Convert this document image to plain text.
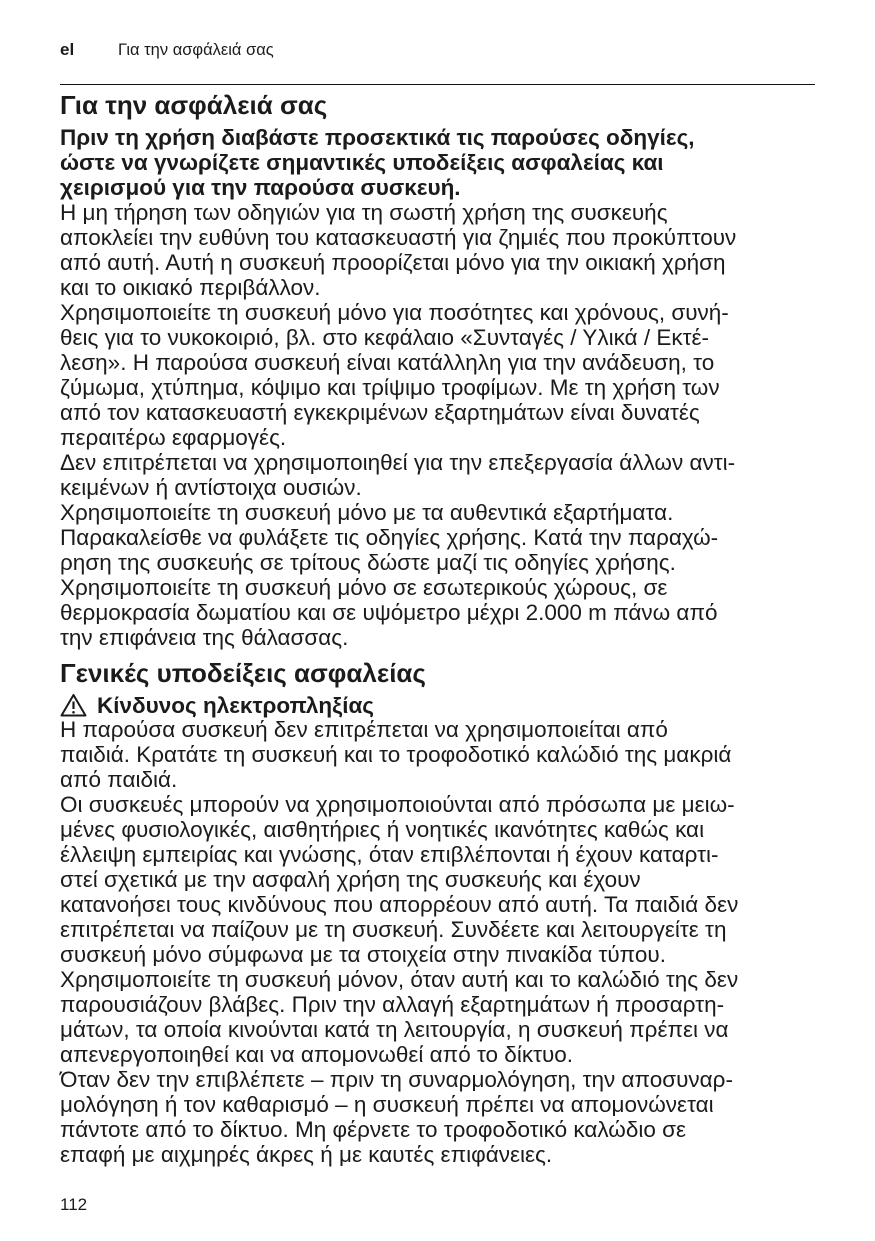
el	Για την ασφάλειά σας
Για την ασφάλειά σας
Πριν τη χρήση διαβάστε προσεκτικά τις παρούσες οδηγίες,
ώστε να γνωρίζετε σημαντικές υποδείξεις ασφαλείας και
χειρισμού για την παρούσα συσκευή.
Η μη τήρηση των οδηγιών για τη σωστή χρήση της συσκευής
αποκλείει την ευθύνη του κατασκευαστή για ζημιές που προκύπτουν
από αυτή. Αυτή η συσκευή προορίζεται μόνο για την οικιακή χρήση
και το οικιακό περιβάλλον.
Χρησιμοποιείτε τη συσκευή μόνο για ποσότητες και χρόνους, συνή-
θεις για το νυκοκοιριό, βλ. στο κεφάλαιο «Συνταγές / Υλικά / Εκτέ-
λεση». Η παρούσα συσκευή είναι κατάλληλη για την ανάδευση, το
ζύμωμα, χτύπημα, κόψιμο και τρίψιμο τροφίμων. Με τη χρήση των
από τον κατασκευαστή εγκεκριμένων εξαρτημάτων είναι δυνατές
περαιτέρω εφαρμογές.
Δεν επιτρέπεται να χρησιμοποιηθεί για την επεξεργασία άλλων αντι-
κειμένων ή αντίστοιχα ουσιών.
Χρησιμοποιείτε τη συσκευή μόνο με τα αυθεντικά εξαρτήματα.
Παρακαλείσθε να φυλάξετε τις οδηγίες χρήσης. Κατά την παραχώ-
ρηση της συσκευής σε τρίτους δώστε μαζί τις οδηγίες χρήσης.
Χρησιμοποιείτε τη συσκευή μόνο σε εσωτερικούς χώρους, σε
θερμοκρασία δωματίου και σε υψόμετρο μέχρι 2.000 m πάνω από
την επιφάνεια της θάλασσας.
Γενικές υποδείξεις ασφαλείας
Κίνδυνος ηλεκτροπληξίας
Η παρούσα συσκευή δεν επιτρέπεται να χρησιμοποιείται από
παιδιά. Κρατάτε τη συσκευή και το τροφοδοτικό καλώδιό της μακριά
από παιδιά.
Οι συσκευές μπορούν να χρησιμοποιούνται από πρόσωπα με μειω-
μένες φυσιολογικές, αισθητήριες ή νοητικές ικανότητες καθώς και
έλλειψη εμπειρίας και γνώσης, όταν επιβλέπονται ή έχουν καταρτι-
στεί σχετικά με την ασφαλή χρήση της συσκευής και έχουν
κατανοήσει τους κινδύνους που απορρέουν από αυτή. Τα παιδιά δεν
επιτρέπεται να παίζουν με τη συσκευή. Συνδέετε και λειτουργείτε τη
συσκευή μόνο σύμφωνα με τα στοιχεία στην πινακίδα τύπου.
Χρησιμοποιείτε τη συσκευή μόνον, όταν αυτή και το καλώδιό της δεν
παρουσιάζουν βλάβες. Πριν την αλλαγή εξαρτημάτων ή προσαρτη-
μάτων, τα οποία κινούνται κατά τη λειτουργία, η συσκευή πρέπει να
απενεργοποιηθεί και να απομονωθεί από το δίκτυο.
Όταν δεν την επιβλέπετε – πριν τη συναρμολόγηση, την αποσυναρ-
μολόγηση ή τον καθαρισμό – η συσκευή πρέπει να απομονώνεται
πάντοτε από το δίκτυο. Μη φέρνετε το τροφοδοτικό καλώδιο σε
επαφή με αιχμηρές άκρες ή με καυτές επιφάνειες.
112
